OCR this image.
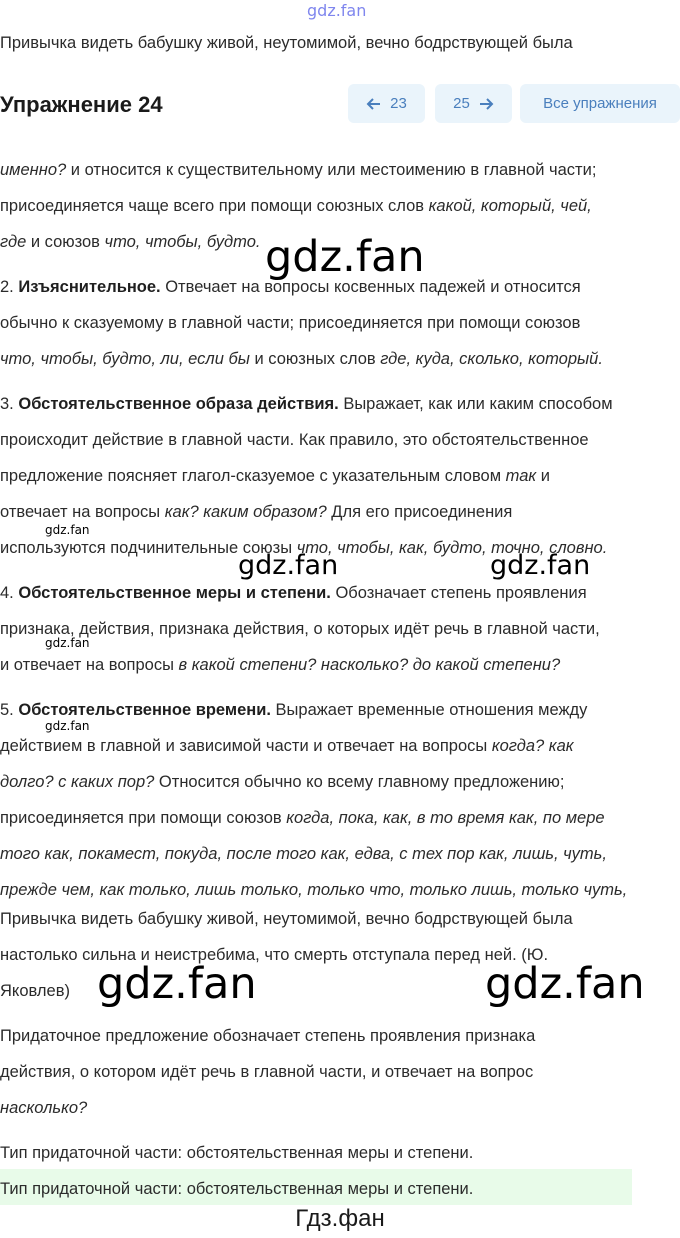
gdz.fan
Привычка видеть бабушку живой, неутомимой, вечно бодрствующей была
Упражнение 24	23	25	Все упражнения
именно? и относится к существительному или местоимению в главной части;
присоединяется чаще всего при помощи союзных слов какой, который, чей,
где и союзов что, чтобы, будто. gdz.fan
2. Изъяснительное. Отвечает на вопросы косвенных падежей и относится
обычно к сказуемому в главной части; присоединяется при помощи союзов
что, чтобы, будто, ли, если бы и союзных слов где, куда, сколько, который.
3. Обстоятельственное образа действия. Выражает, как или каким способом
происходит действие в главной части. Как правило, это обстоятельственное
предложение поясняет глагол-сказуемое с указательным словом так и
отвечает на вопросы как? каким образом? Для его присоединения
gdz.fan
используются подчинительные союзы что, чтобы, как, будто, точно, словно.
gdz.fan	gdz.fan
4. Обстоятельственное меры и степени. Обозначает степень проявления
признака, действия, признака действия, о которых идёт речь в главной части,
gdz.fan
и отвечает на вопросы в какой степени? насколько? до какой степени?
5. Обстоятельственное времени. Выражает временные отношения между
gdz.fan
действием в главной и зависимой части и отвечает на вопросы когда? как
долго? с каких пор? Относится обычно ко всему главному предложению;
присоединяется при помощи союзов когда, пока, как, в то время как, по мере
того как, покамест, покуда, после того как, едва, с тех пор как, лишь, чуть,
прежде чем, как только, лишь только, только что, только лишь, только чуть,
Привычка видеть бабушку живой, неутомимой, вечно бодрствующей была
настолько сильна и неистребима, что смерть отступала перед ней. (Ю.
Яковлев) gdz.fan	gdz.fan
Придаточное предложение обозначает степень проявления признака
действия, о котором идёт речь в главной части, и отвечает на вопрос
насколько?
Тип придаточной части: обстоятельственная меры и степени.
Тип придаточной части: обстоятельственная меры и степени.
Гдз.фан
